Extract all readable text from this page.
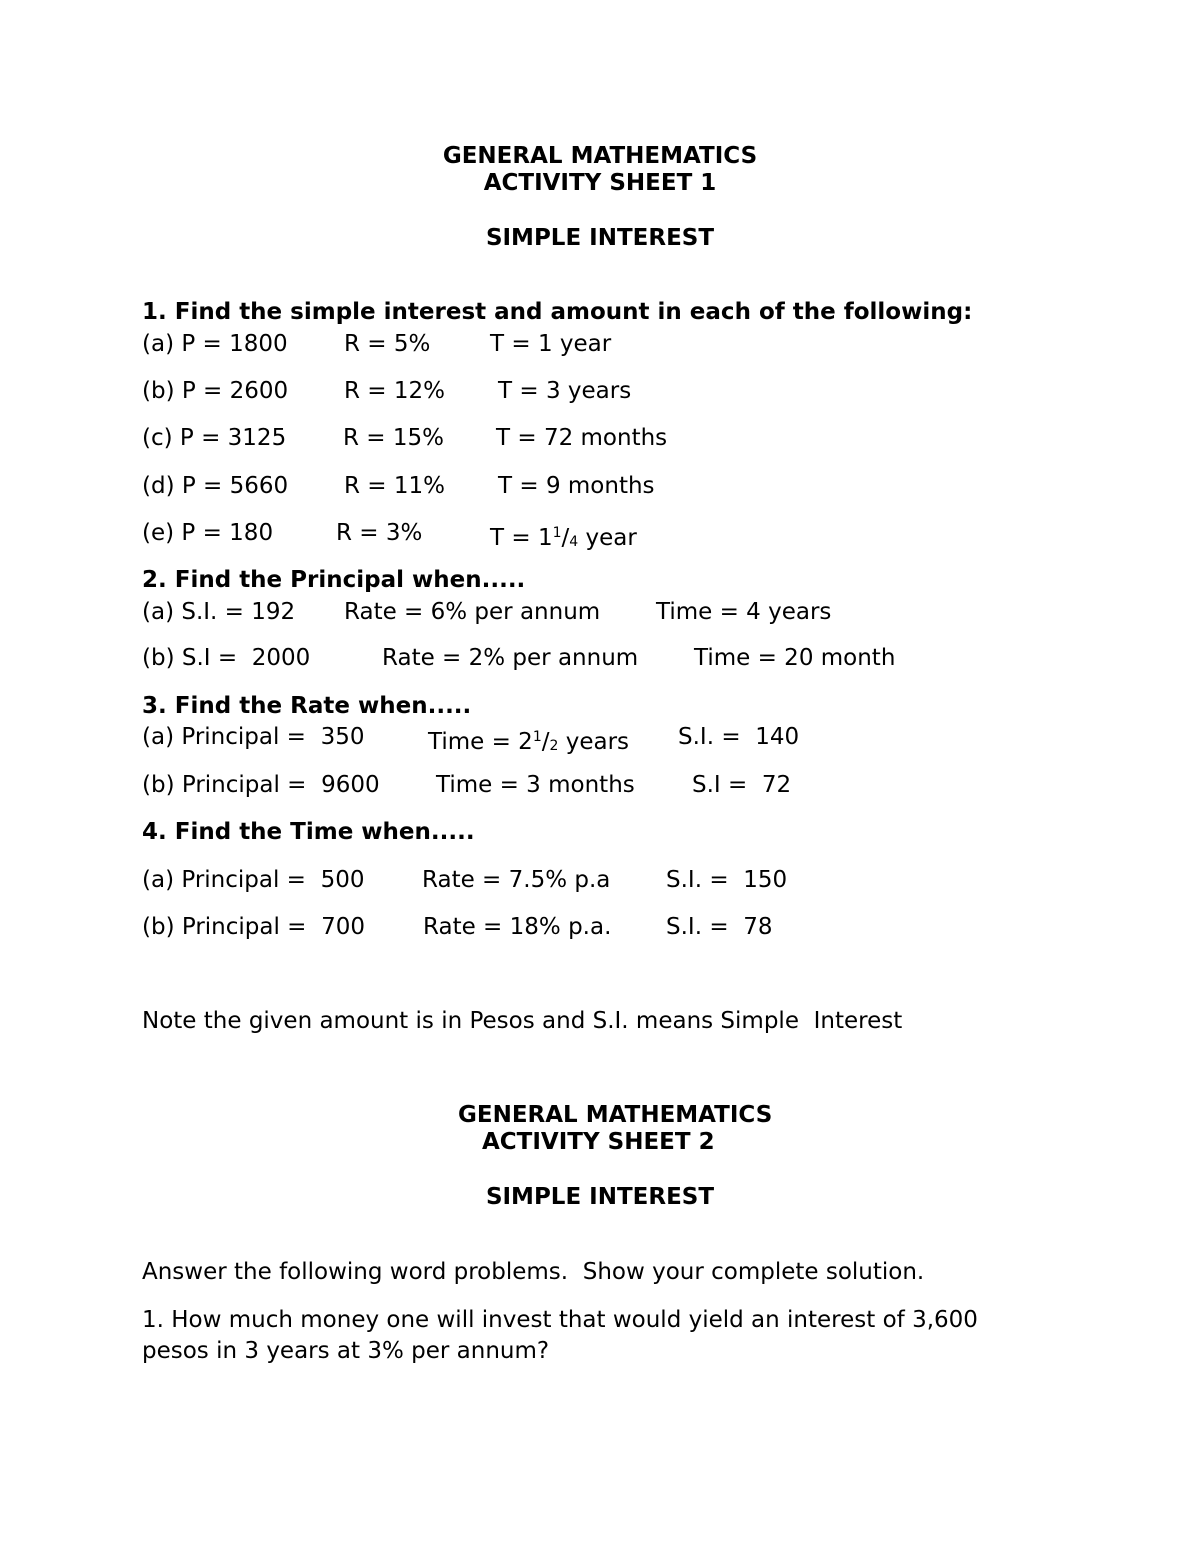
GENERAL MATHEMATICS
ACTIVITY SHEET 1
SIMPLE INTEREST
1. Find the simple interest and amount in each of the following:
(a) P = 1800 R = 5%	T = 1 year
(b) P = 2600 R = 12% T = 3 years
(c) P = 3125 R = 15% T = 72 months
(d) P = 5660 R = 11% T = 9 months
(e) P = 180	R = 3%	$T = 1^1/4$ year
2. Find the Principal when.....
(a) S.I. = 192 Rate = 6% per annum Time = 4 years
(b) S.I =  2000	Rate = 2% per annum Time = 20 month
3. Find the Rate when.....
(a) Principal =  350	Time = $2^1/2$ years S.I. =  140
(b) Principal =  9600 Time = 3 months S.I =  72
4. Find the Time when.....
(a) Principal =  500	Rate = 7.5% p.a S.I. =  150
(b) Principal =  700	Rate = 18% p.a. S.I. =  78
Note the given amount is in Pesos and S.I. means Simple  Interest
GENERAL MATHEMATICS
ACTIVITY SHEET 2
SIMPLE INTEREST
Answer the following word problems.  Show your complete solution.
1. How much money one will invest that would yield an interest of 3,600
pesos in 3 years at 3% per annum?
